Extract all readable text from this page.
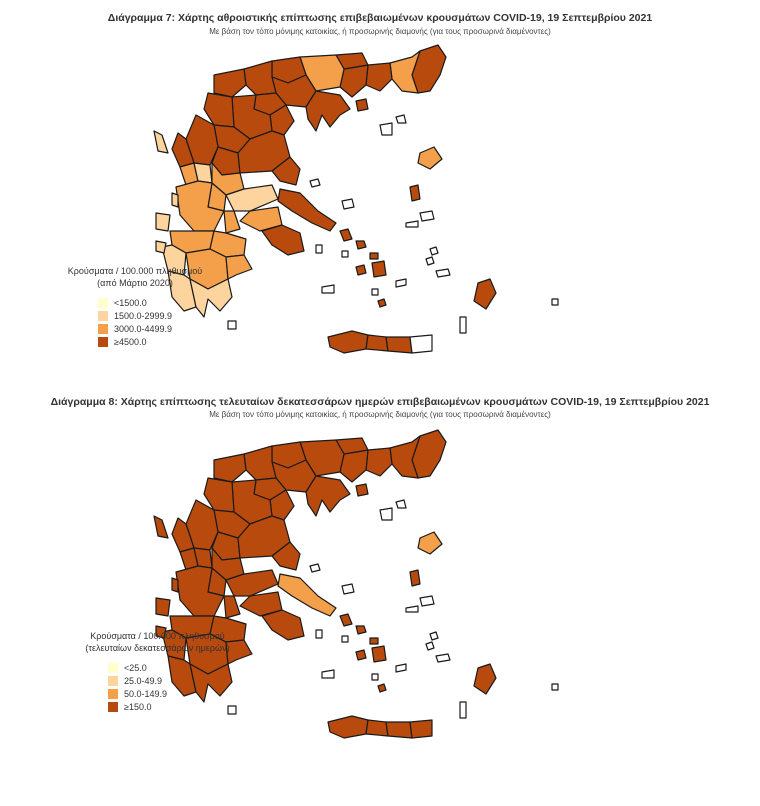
Διάγραμμα 7: Χάρτης αθροιστικής επίπτωσης επιβεβαιωμένων κρουσμάτων COVID-19, 19 Σεπτεμβρίου 2021
Με βάση τον τόπο μόνιμης κατοικίας, ή προσωρινής διαμονής (για τους προσωρινά διαμένοντες)
Κρούσματα / 100.000 πληθυσμού
(από Μάρτιο 2020)
<1500.0
1500.0-2999.9
3000.0-4499.9
≥4500.0
Διάγραμμα 8: Χάρτης επίπτωσης τελευταίων δεκατεσσάρων ημερών επιβεβαιωμένων κρουσμάτων COVID-19, 19 Σεπτεμβρίου 2021
Με βάση τον τόπο μόνιμης κατοικίας, ή προσωρινής διαμονής (για τους προσωρινά διαμένοντες)
Κρούσματα / 100.000 πληθυσμού
(τελευταίων δεκατεσσάρων ημερών)
<25.0
25.0-49.9
50.0-149.9
≥150.0
